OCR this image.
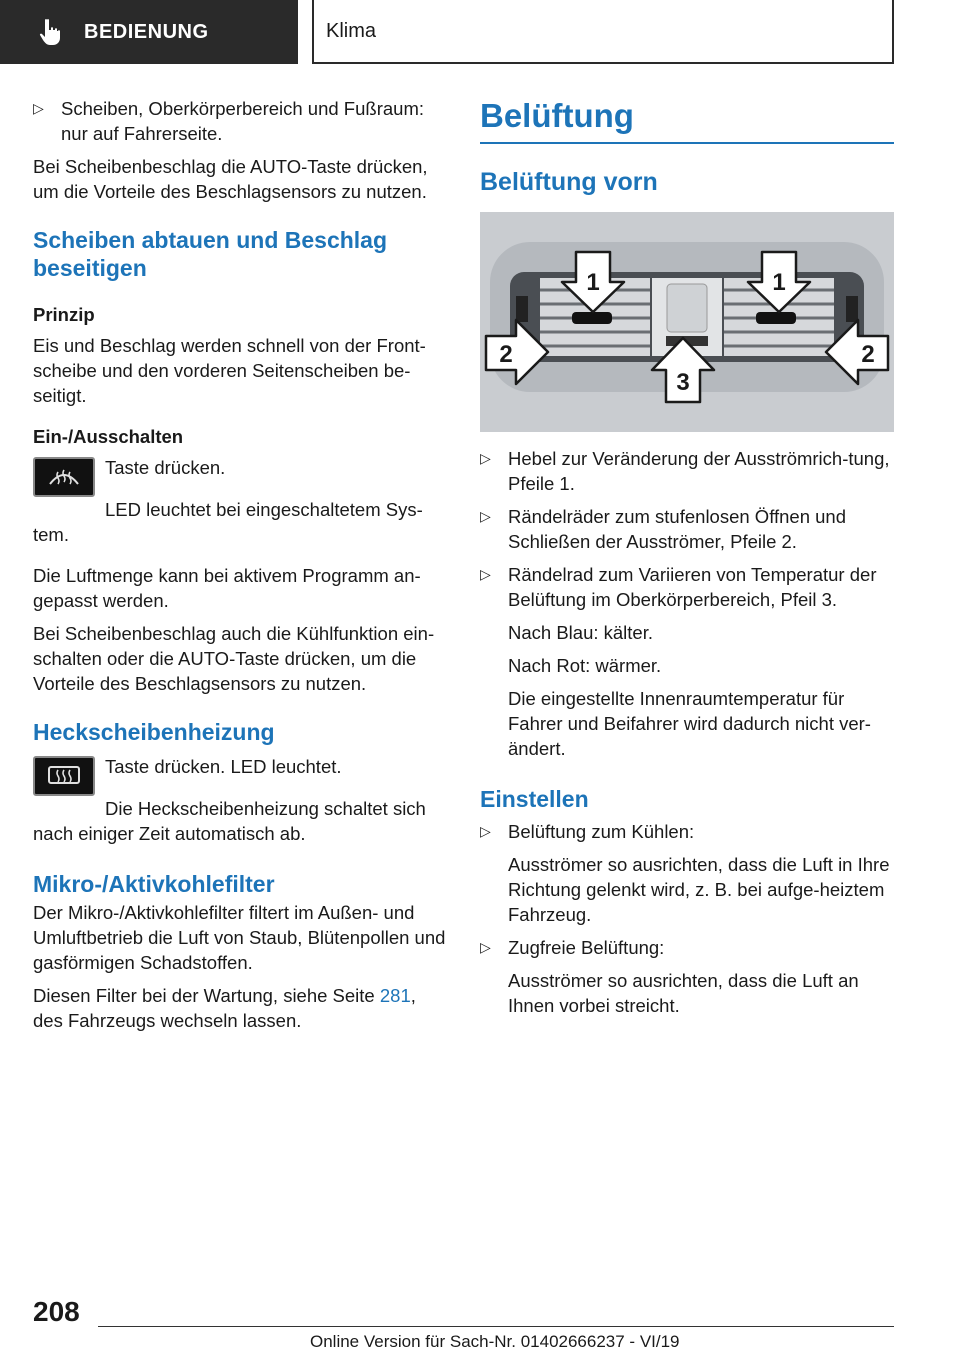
BEDIENUNG	Klima
▷ Scheiben, Oberkörperbereich und Fußraum: nur auf Fahrerseite.

Bei Scheibenbeschlag die AUTO-Taste drücken, um die Vorteile des Beschlagsensors zu nutzen.

Scheiben abtauen und Beschlag beseitigen
Prinzip

Eis und Beschlag werden schnell von der Front-scheibe und den vorderen Seitenscheiben be-seitigt.

Ein-/Ausschalten

Taste drücken.

LED leuchtet bei eingeschaltetem Sys-tem.

Die Luftmenge kann bei aktivem Programm an-gepasst werden.

Bei Scheibenbeschlag auch die Kühlfunktion ein-schalten oder die AUTO-Taste drücken, um die Vorteile des Beschlagsensors zu nutzen.

Heckscheibenheizung

Taste drücken. LED leuchtet.

Die Heckscheibenheizung schaltet sich nach einiger Zeit automatisch ab.

Mikro-/Aktivkohlefilter

Der Mikro-/Aktivkohlefilter filtert im Außen- und Umluftbetrieb die Luft von Staub, Blütenpollen und gasförmigen Schadstoffen.

Diesen Filter bei der Wartung, siehe Seite 281, des Fahrzeugs wechseln lassen.

Belüftung
Belüftung vorn
1	1
2	2
3
▷ Hebel zur Veränderung der Ausströmrich-tung, Pfeile 1.

▷ Rändelräder zum stufenlosen Öffnen und Schließen der Ausströmer, Pfeile 2.

▷ Rändelrad zum Variieren von Temperatur der Belüftung im Oberkörperbereich, Pfeil 3.

Nach Blau: kälter.

Nach Rot: wärmer.

Die eingestellte Innenraumtemperatur für Fahrer und Beifahrer wird dadurch nicht ver-ändert.

Einstellen
▷ Belüftung zum Kühlen:

Ausströmer so ausrichten, dass die Luft in Ihre Richtung gelenkt wird, z. B. bei aufge-heiztem Fahrzeug.

▷ Zugfreie Belüftung:

Ausströmer so ausrichten, dass die Luft an Ihnen vorbei streicht.

208
Online Version für Sach-Nr. 01402666237 - VI/19
